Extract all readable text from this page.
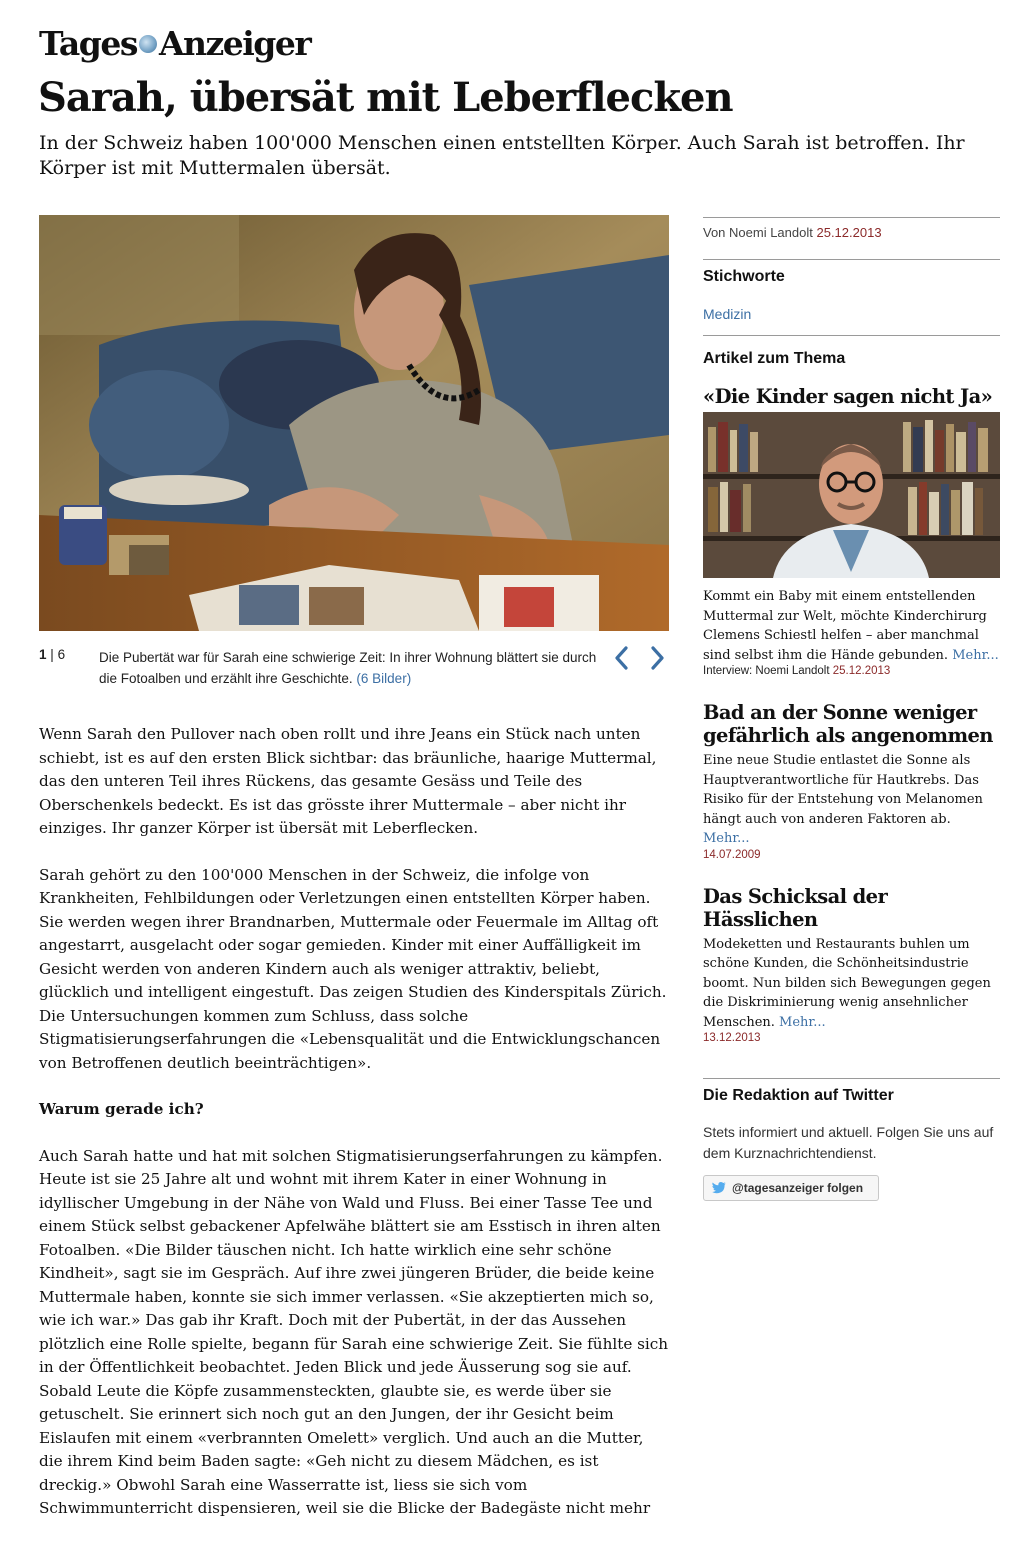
Tages Anzeiger
Sarah, übersät mit Leberflecken

In der Schweiz haben 100'000 Menschen einen entstellten Körper. Auch Sarah ist betroffen. Ihr Körper ist mit Muttermalen übersät.

1 | 6	Die Pubertät war für Sarah eine schwierige Zeit: In ihrer Wohnung blättert sie durch die Fotoalben und erzählt ihre Geschichte. (6 Bilder)

Wenn Sarah den Pullover nach oben rollt und ihre Jeans ein Stück nach unten schiebt, ist es auf den ersten Blick sichtbar: das bräunliche, haarige Muttermal, das den unteren Teil ihres Rückens, das gesamte Gesäss und Teile des Oberschenkels bedeckt. Es ist das grösste ihrer Muttermale – aber nicht ihr einziges. Ihr ganzer Körper ist übersät mit Leberflecken.

Sarah gehört zu den 100'000 Menschen in der Schweiz, die infolge von Krankheiten, Fehlbildungen oder Verletzungen einen entstellten Körper haben. Sie werden wegen ihrer Brandnarben, Muttermale oder Feuermale im Alltag oft angestarrt, ausgelacht oder sogar gemieden. Kinder mit einer Auffälligkeit im Gesicht werden von anderen Kindern auch als weniger attraktiv, beliebt, glücklich und intelligent eingestuft. Das zeigen Studien des Kinderspitals Zürich. Die Untersuchungen kommen zum Schluss, dass solche Stigmatisierungserfahrungen die «Lebensqualität und die Entwicklungschancen von Betroffenen deutlich beeinträchtigen».

Warum gerade ich?

Auch Sarah hatte und hat mit solchen Stigmatisierungserfahrungen zu kämpfen. Heute ist sie 25 Jahre alt und wohnt mit ihrem Kater in einer Wohnung in idyllischer Umgebung in der Nähe von Wald und Fluss. Bei einer Tasse Tee und einem Stück selbst gebackener Apfelwähe blättert sie am Esstisch in ihren alten Fotoalben. «Die Bilder täuschen nicht. Ich hatte wirklich eine sehr schöne Kindheit», sagt sie im Gespräch. Auf ihre zwei jüngeren Brüder, die beide keine Muttermale haben, konnte sie sich immer verlassen. «Sie akzeptierten mich so, wie ich war.» Das gab ihr Kraft. Doch mit der Pubertät, in der das Aussehen plötzlich eine Rolle spielte, begann für Sarah eine schwierige Zeit. Sie fühlte sich in der Öffentlichkeit beobachtet. Jeden Blick und jede Äusserung sog sie auf. Sobald Leute die Köpfe zusammensteckten, glaubte sie, es werde über sie getuschelt. Sie erinnert sich noch gut an den Jungen, der ihr Gesicht beim Eislaufen mit einem «verbrannten Omelett» verglich. Und auch an die Mutter, die ihrem Kind beim Baden sagte: «Geh nicht zu diesem Mädchen, es ist dreckig.» Obwohl Sarah eine Wasserratte ist, liess sie sich vom Schwimmunterricht dispensieren, weil sie die Blicke der Badegäste nicht mehr

Von Noemi Landolt 25.12.2013
Stichworte
Medizin
Artikel zum Thema
«Die Kinder sagen nicht Ja»
Kommt ein Baby mit einem entstellenden Muttermal zur Welt, möchte Kinderchirurg Clemens Schiestl helfen – aber manchmal sind selbst ihm die Hände gebunden. Mehr...
Interview: Noemi Landolt 25.12.2013
Bad an der Sonne weniger gefährlich als angenommen
Eine neue Studie entlastet die Sonne als Hauptverantwortliche für Hautkrebs. Das Risiko für der Entstehung von Melanomen hängt auch von anderen Faktoren ab. Mehr...
14.07.2009
Das Schicksal der Hässlichen
Modeketten und Restaurants buhlen um schöne Kunden, die Schönheitsindustrie boomt. Nun bilden sich Bewegungen gegen die Diskriminierung wenig ansehnlicher Menschen. Mehr...
13.12.2013
Die Redaktion auf Twitter
Stets informiert und aktuell. Folgen Sie uns auf dem Kurznachrichtendienst.
@tagesanzeiger folgen
